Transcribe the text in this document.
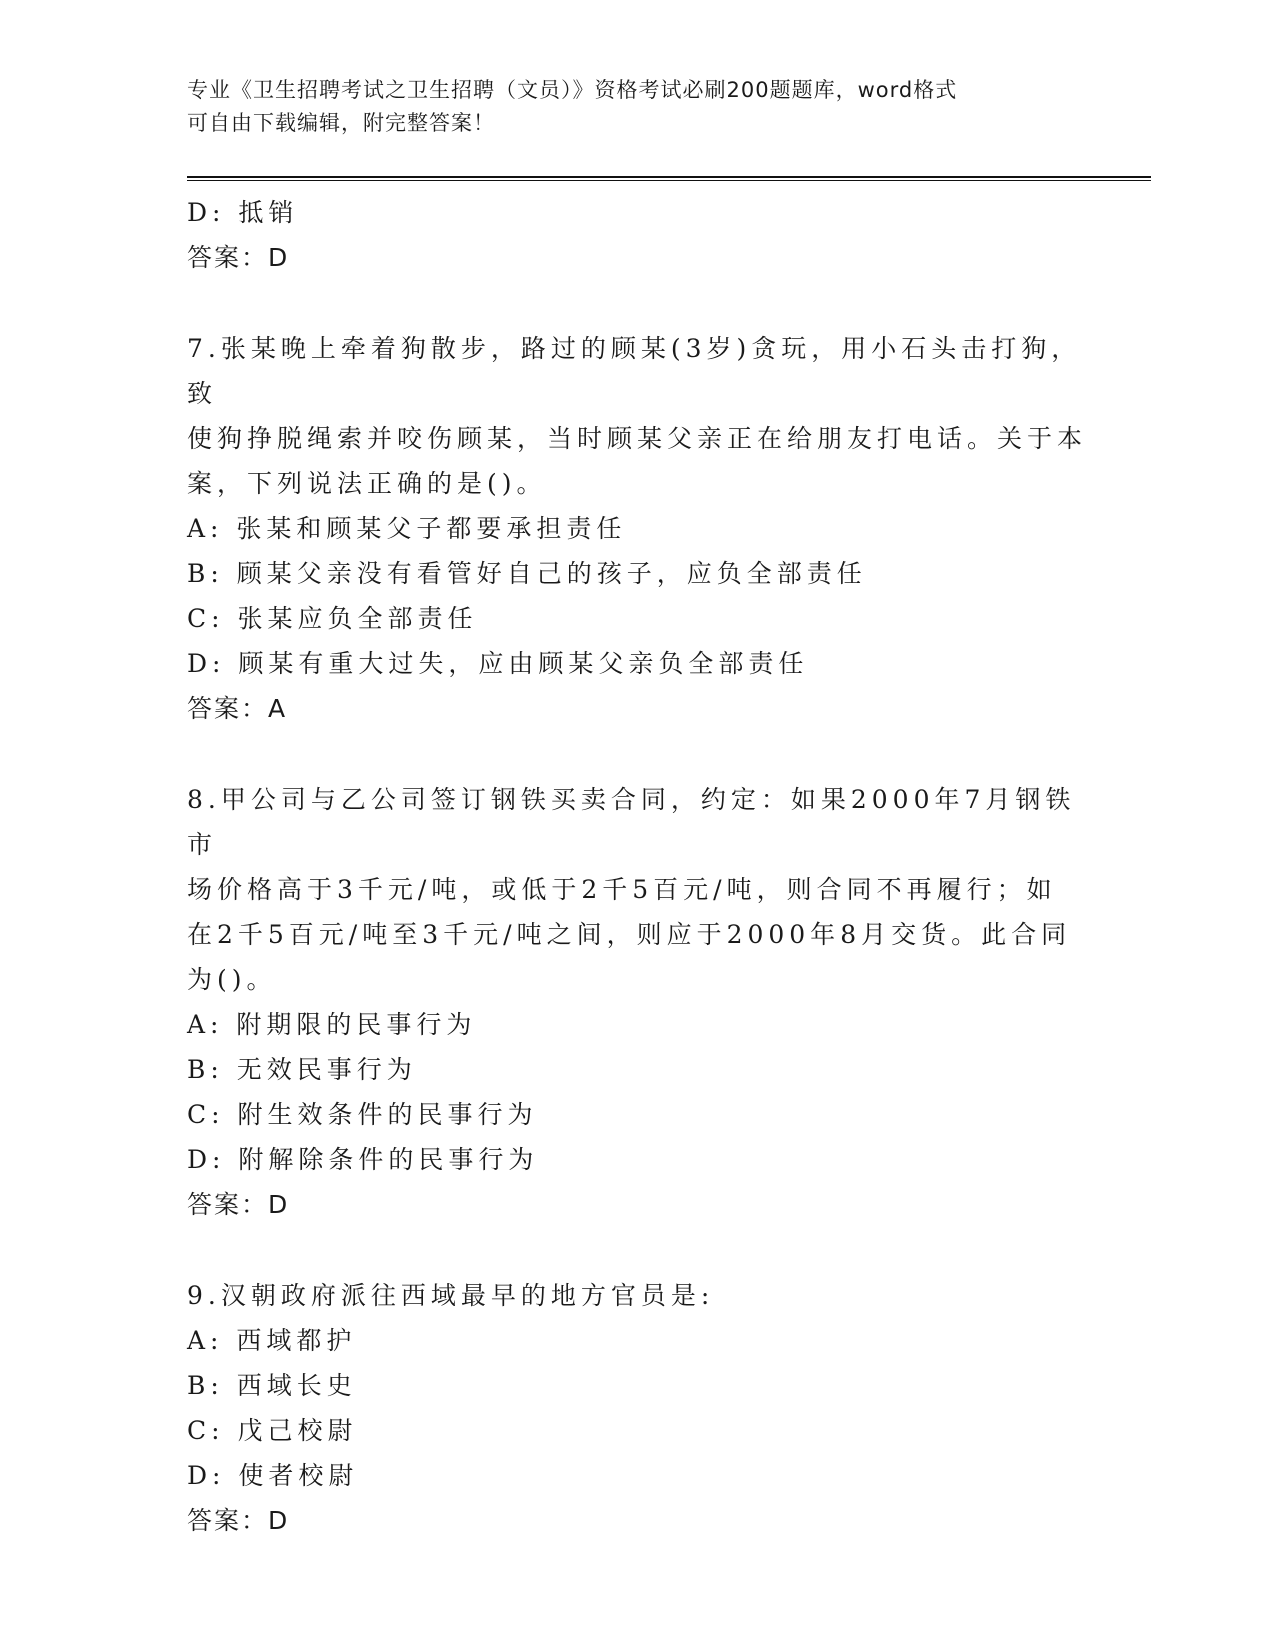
专业《卫生招聘考试之卫生招聘（文员）》资格考试必刷200题题库，word格式
可自由下载编辑，附完整答案！
D: 抵销
答案：D
7.张某晚上牵着狗散步，路过的顾某(3岁)贪玩，用小石头击打狗，致
使狗挣脱绳索并咬伤顾某，当时顾某父亲正在给朋友打电话。关于本
案，下列说法正确的是()。
A: 张某和顾某父子都要承担责任
B: 顾某父亲没有看管好自己的孩子，应负全部责任
C: 张某应负全部责任
D: 顾某有重大过失，应由顾某父亲负全部责任
答案：A
8.甲公司与乙公司签订钢铁买卖合同，约定：如果2000年7月钢铁市
场价格高于3千元/吨，或低于2千5百元/吨，则合同不再履行；如
在2千5百元/吨至3千元/吨之间，则应于2000年8月交货。此合同
为()。
A: 附期限的民事行为
B: 无效民事行为
C: 附生效条件的民事行为
D: 附解除条件的民事行为
答案：D
9.汉朝政府派往西域最早的地方官员是:
A: 西域都护
B: 西域长史
C: 戊己校尉
D: 使者校尉
答案：D
